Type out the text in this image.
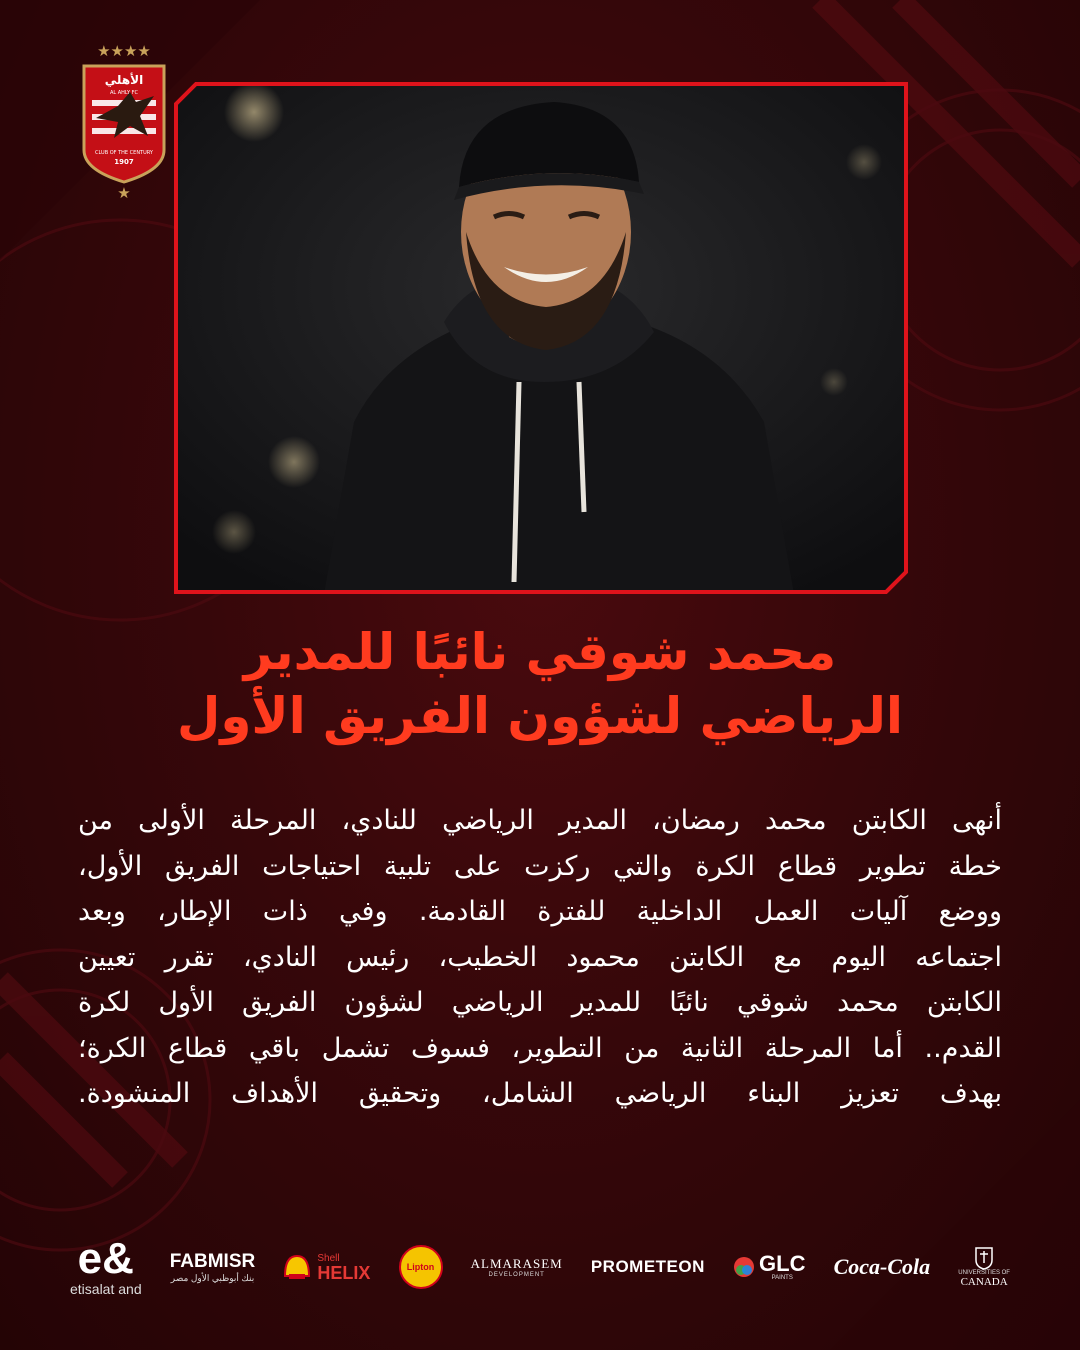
★★★★
الأهلي
AL AHLY FC
CLUB OF THE CENTURY
1907
★
محمد شوقي نائبًا للمدير
الرياضي لشؤون الفريق الأول
أنهى الكابتن محمد رمضان، المدير الرياضي للنادي، المرحلة الأولى من
خطة تطوير قطاع الكرة والتي ركزت على تلبية احتياجات الفريق الأول،
ووضع آليات العمل الداخلية للفترة القادمة. وفي ذات الإطار، وبعد
اجتماعه اليوم مع الكابتن محمود الخطيب، رئيس النادي، تقرر تعيين
الكابتن محمد شوقي نائبًا للمدير الرياضي لشؤون الفريق الأول لكرة
القدم.. أما المرحلة الثانية من التطوير، فسوف تشمل باقي قطاع الكرة؛
بهدف تعزيز البناء الرياضي الشامل، وتحقيق الأهداف المنشودة.
e&
etisalat and
FABMISR
بنك أبوظبي الأول مصر
Shell
HELIX	Lipton	ALMARASEM
DEVELOPMENT	PROMETEON GLC
PAINTS Coca-Cola	UNIVERSITIES OF
CANADA
